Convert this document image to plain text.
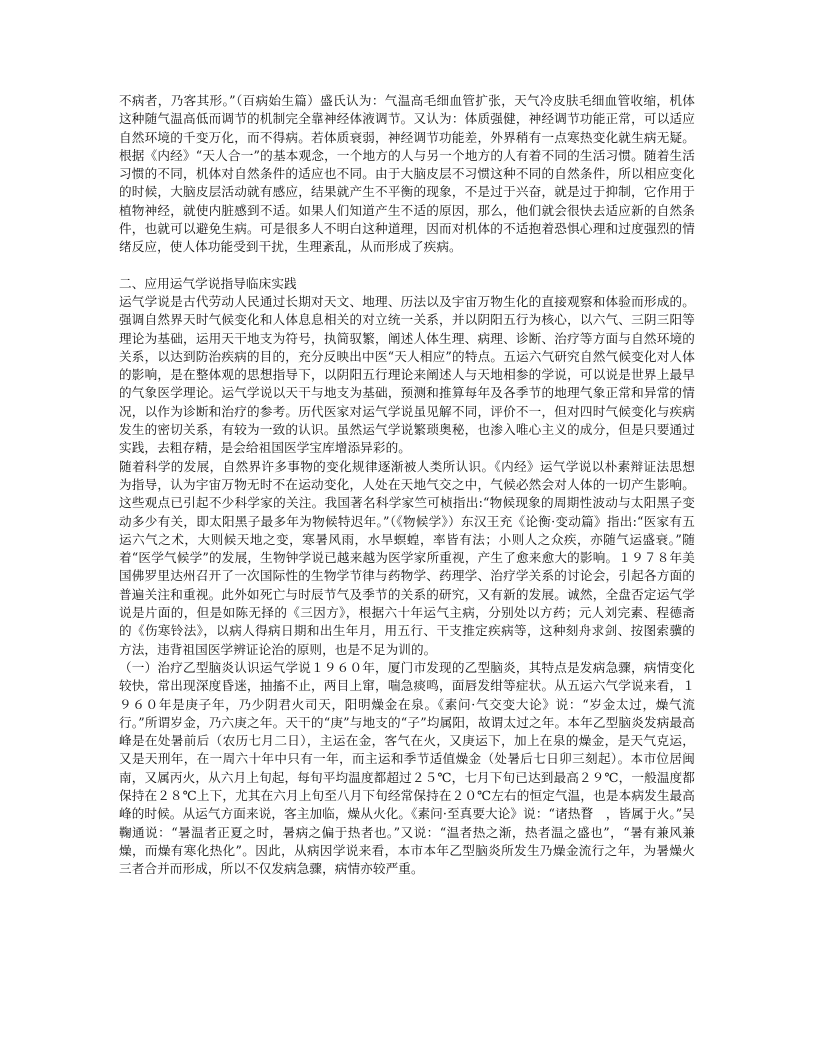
不病者，乃客其形。”（百病始生篇）盛氏认为：气温高毛细血管扩张，天气冷皮肤毛细血管收缩，机体这种随气温高低而调节的机制完全靠神经体液调节。又认为：体质强健，神经调节功能正常，可以适应自然环境的千变万化，而不得病。若体质衰弱，神经调节功能差，外界稍有一点寒热变化就生病无疑。根据《内经》“天人合一”的基本观念，一个地方的人与另一个地方的人有着不同的生活习惯。随着生活习惯的不同，机体对自然条件的适应也不同。由于大脑皮层不习惯这种不同的自然条件，所以相应变化的时候，大脑皮层活动就有感应，结果就产生不平衡的现象，不是过于兴奋，就是过于抑制，它作用于植物神经，就使内脏感到不适。如果人们知道产生不适的原因，那么，他们就会很快去适应新的自然条件，也就可以避免生病。可是很多人不明白这种道理，因而对机体的不适抱着恐惧心理和过度强烈的情绪反应，使人体功能受到干扰，生理紊乱，从而形成了疾病。

二、应用运气学说指导临床实践

运气学说是古代劳动人民通过长期对天文、地理、历法以及宇宙万物生化的直接观察和体验而形成的。强调自然界天时气候变化和人体息息相关的对立统一关系，并以阴阳五行为核心，以六气、三阴三阳等理论为基础，运用天干地支为符号，执简驭繁，阐述人体生理、病理、诊断、治疗等方面与自然环境的关系，以达到防治疾病的目的，充分反映出中医“天人相应”的特点。五运六气研究自然气候变化对人体的影响，是在整体观的思想指导下，以阴阳五行理论来阐述人与天地相参的学说，可以说是世界上最早的气象医学理论。运气学说以天干与地支为基础，预测和推算每年及各季节的地理气象正常和异常的情况，以作为诊断和治疗的参考。历代医家对运气学说虽见解不同，评价不一，但对四时气候变化与疾病发生的密切关系，有较为一致的认识。虽然运气学说繁琐奥秘，也渗入唯心主义的成分，但是只要通过实践，去粗存精，是会给祖国医学宝库增添异彩的。

随着科学的发展，自然界许多事物的变化规律逐渐被人类所认识。《内经》运气学说以朴素辩证法思想为指导，认为宇宙万物无时不在运动变化，人处在天地气交之中，气候必然会对人体的一切产生影响。这些观点已引起不少科学家的关注。我国著名科学家竺可桢指出:“物候现象的周期性波动与太阳黑子变动多少有关，即太阳黑子最多年为物候特迟年。”（《物候学》）东汉王充《论衡·变动篇》指出:“医家有五运六气之术，大则候天地之变，寒暑风雨，水旱螟蝗，率皆有法；小则人之众疾，亦随气运盛衰。”随着“医学气候学”的发展，生物钟学说已越来越为医学家所重视，产生了愈来愈大的影响。１９７８年美国佛罗里达州召开了一次国际性的生物学节律与药物学、药理学、治疗学关系的讨论会，引起各方面的普遍关注和重视。此外如死亡与时辰节气及季节的关系的研究，又有新的发展。诚然，全盘否定运气学说是片面的，但是如陈无择的《三因方》，根据六十年运气主病，分别处以方药；元人刘完素、程德斋的《伤寒铃法》，以病人得病日期和出生年月，用五行、干支推定疾病等，这种刻舟求剑、按图索骥的方法，违背祖国医学辨证论治的原则，也是不足为训的。

（一）治疗乙型脑炎认识运气学说１９６０年，厦门市发现的乙型脑炎，其特点是发病急骤，病情变化较快，常出现深度昏迷，抽搐不止，两目上窜，喘急痰鸣，面唇发绀等症状。从五运六气学说来看，１９６０年是庚子年，乃少阴君火司天，阳明燥金在泉。《素问·气交变大论》说：“岁金太过，燥气流行。”所谓岁金，乃六庚之年。天干的“庚”与地支的“子”均属阳，故谓太过之年。本年乙型脑炎发病最高峰是在处暑前后（农历七月二日），主运在金，客气在火，又庚运下，加上在泉的燥金，是天气克运，又是天刑年，在一周六十年中只有一年，而主运和季节适值燥金（处暑后七日卯三刻起）。本市位居闽南，又属丙火，从六月上旬起，每旬平均温度都超过２５℃，七月下旬已达到最高２９℃，一般温度都保持在２８℃上下，尤其在六月上旬至八月下旬经常保持在２０℃左右的恒定气温，也是本病发生最高峰的时候。从运气方面来说，客主加临，燥从火化。《素问·至真要大论》说：“诸热瞀　，皆属于火。”吴鞠通说：“暑温者正夏之时，暑病之偏于热者也。”又说：“温者热之渐，热者温之盛也”，“暑有兼风兼燥，而燥有寒化热化”。因此，从病因学说来看，本市本年乙型脑炎所发生乃燥金流行之年，为暑燥火三者合并而形成，所以不仅发病急骤，病情亦较严重。
